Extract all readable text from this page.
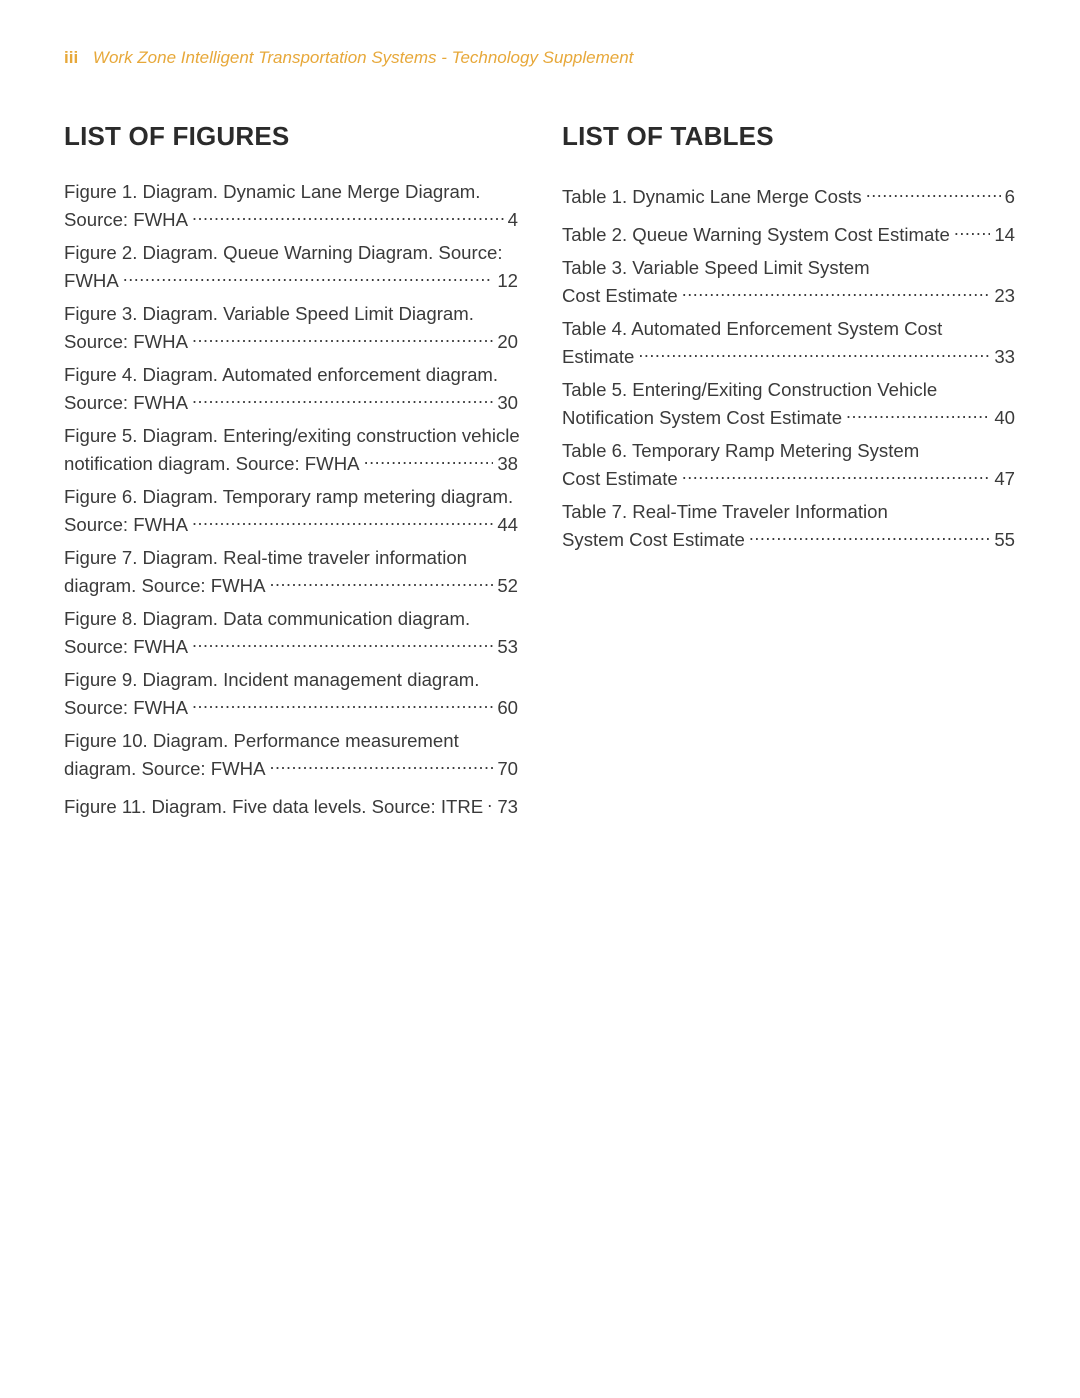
iii Work Zone Intelligent Transportation Systems - Technology Supplement
LIST OF FIGURES
Figure 1. Diagram. Dynamic Lane Merge Diagram.
Source: FWHA .....	4
Figure 2. Diagram. Queue Warning Diagram. Source:
FWHA .....	12
Figure 3. Diagram. Variable Speed Limit Diagram.
Source: FWHA .....	20
Figure 4. Diagram. Automated enforcement diagram.
Source: FWHA .....	30
Figure 5. Diagram. Entering/exiting construction vehicle
notification diagram. Source: FWHA .....	38
Figure 6. Diagram. Temporary ramp metering diagram.
Source: FWHA .....	44
Figure 7. Diagram. Real-time traveler information
diagram. Source: FWHA .....	52
Figure 8. Diagram. Data communication diagram.
Source: FWHA .....	53
Figure 9. Diagram. Incident management diagram.
Source: FWHA .....	60
Figure 10. Diagram. Performance measurement
diagram. Source: FWHA .....	70
Figure 11. Diagram. Five data levels. Source: ITRE ..... 73
LIST OF TABLES
Table 1. Dynamic Lane Merge Costs .....	6
Table 2. Queue Warning System Cost Estimate ..... 14
Table 3. Variable Speed Limit System
Cost Estimate .....	23
Table 4. Automated Enforcement System Cost
Estimate .....	33
Table 5. Entering/Exiting Construction Vehicle
Notification System Cost Estimate .....	40
Table 6. Temporary Ramp Metering System
Cost Estimate .....	47
Table 7. Real-Time Traveler Information
System Cost Estimate .....	55
